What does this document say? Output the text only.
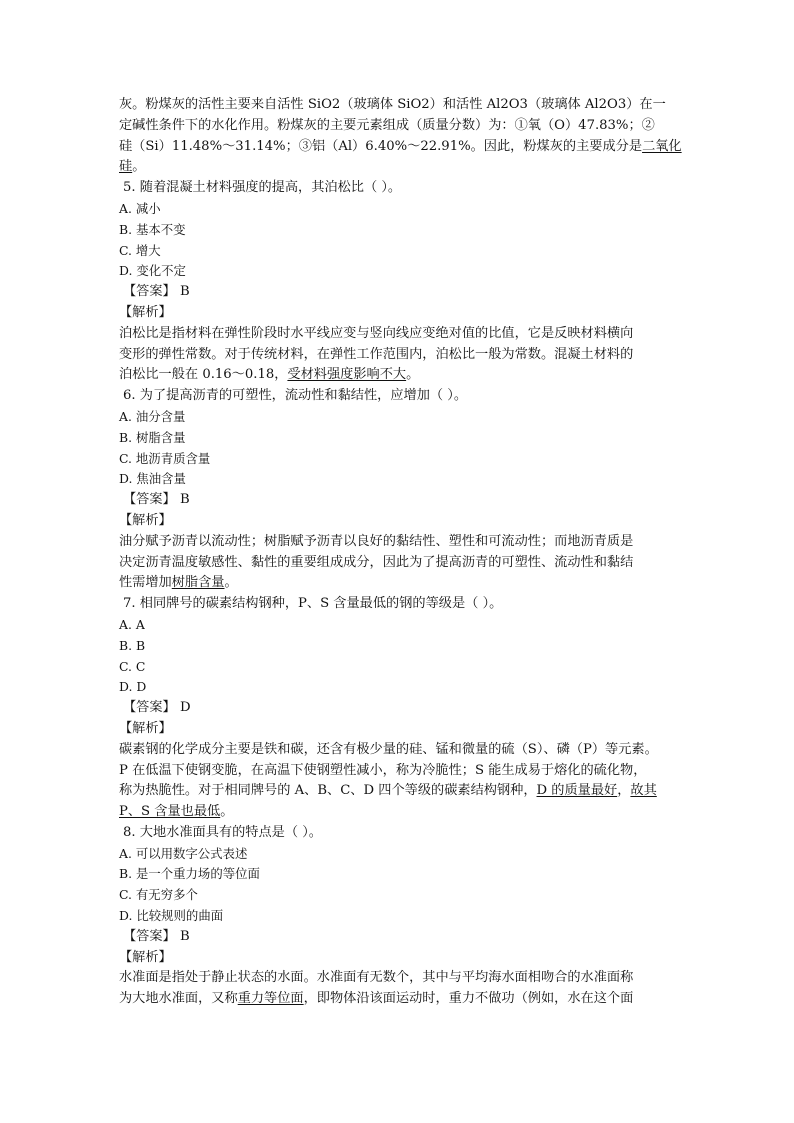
灰。粉煤灰的活性主要来自活性 SiO2（玻璃体 SiO2）和活性 Al2O3（玻璃体 Al2O3）在一
定碱性条件下的水化作用。粉煤灰的主要元素组成（质量分数）为：①氧（O）47.83%；②
硅（Si）11.48%～31.14%；③铝（Al）6.40%～22.91%。因此，粉煤灰的主要成分是二氧化
硅。
5. 随着混凝土材料强度的提高，其泊松比（ ）。
A. 减小
B. 基本不变
C. 增大
D. 变化不定
【答案】 B
【解析】
泊松比是指材料在弹性阶段时水平线应变与竖向线应变绝对值的比值，它是反映材料横向
变形的弹性常数。对于传统材料，在弹性工作范围内，泊松比一般为常数。混凝土材料的
泊松比一般在 0.16～0.18，受材料强度影响不大。
6. 为了提高沥青的可塑性，流动性和黏结性，应增加（ ）。
A. 油分含量
B. 树脂含量
C. 地沥青质含量
D. 焦油含量
【答案】 B
【解析】
油分赋予沥青以流动性；树脂赋予沥青以良好的黏结性、塑性和可流动性；而地沥青质是
决定沥青温度敏感性、黏性的重要组成成分，因此为了提高沥青的可塑性、流动性和黏结
性需增加树脂含量。
7. 相同牌号的碳素结构钢种，P、S 含量最低的钢的等级是（ ）。
A. A
B. B
C. C
D. D
【答案】 D
【解析】
碳素钢的化学成分主要是铁和碳，还含有极少量的硅、锰和微量的硫（S）、磷（P）等元素。
P 在低温下使钢变脆，在高温下使钢塑性减小，称为冷脆性；S 能生成易于熔化的硫化物，
称为热脆性。对于相同牌号的 A、B、C、D 四个等级的碳素结构钢种，D 的质量最好，故其
P、S 含量也最低。
8. 大地水准面具有的特点是（ ）。
A. 可以用数字公式表述
B. 是一个重力场的等位面
C. 有无穷多个
D. 比较规则的曲面
【答案】 B
【解析】
水准面是指处于静止状态的水面。水准面有无数个，其中与平均海水面相吻合的水准面称
为大地水准面，又称重力等位面，即物体沿该面运动时，重力不做功（例如，水在这个面
